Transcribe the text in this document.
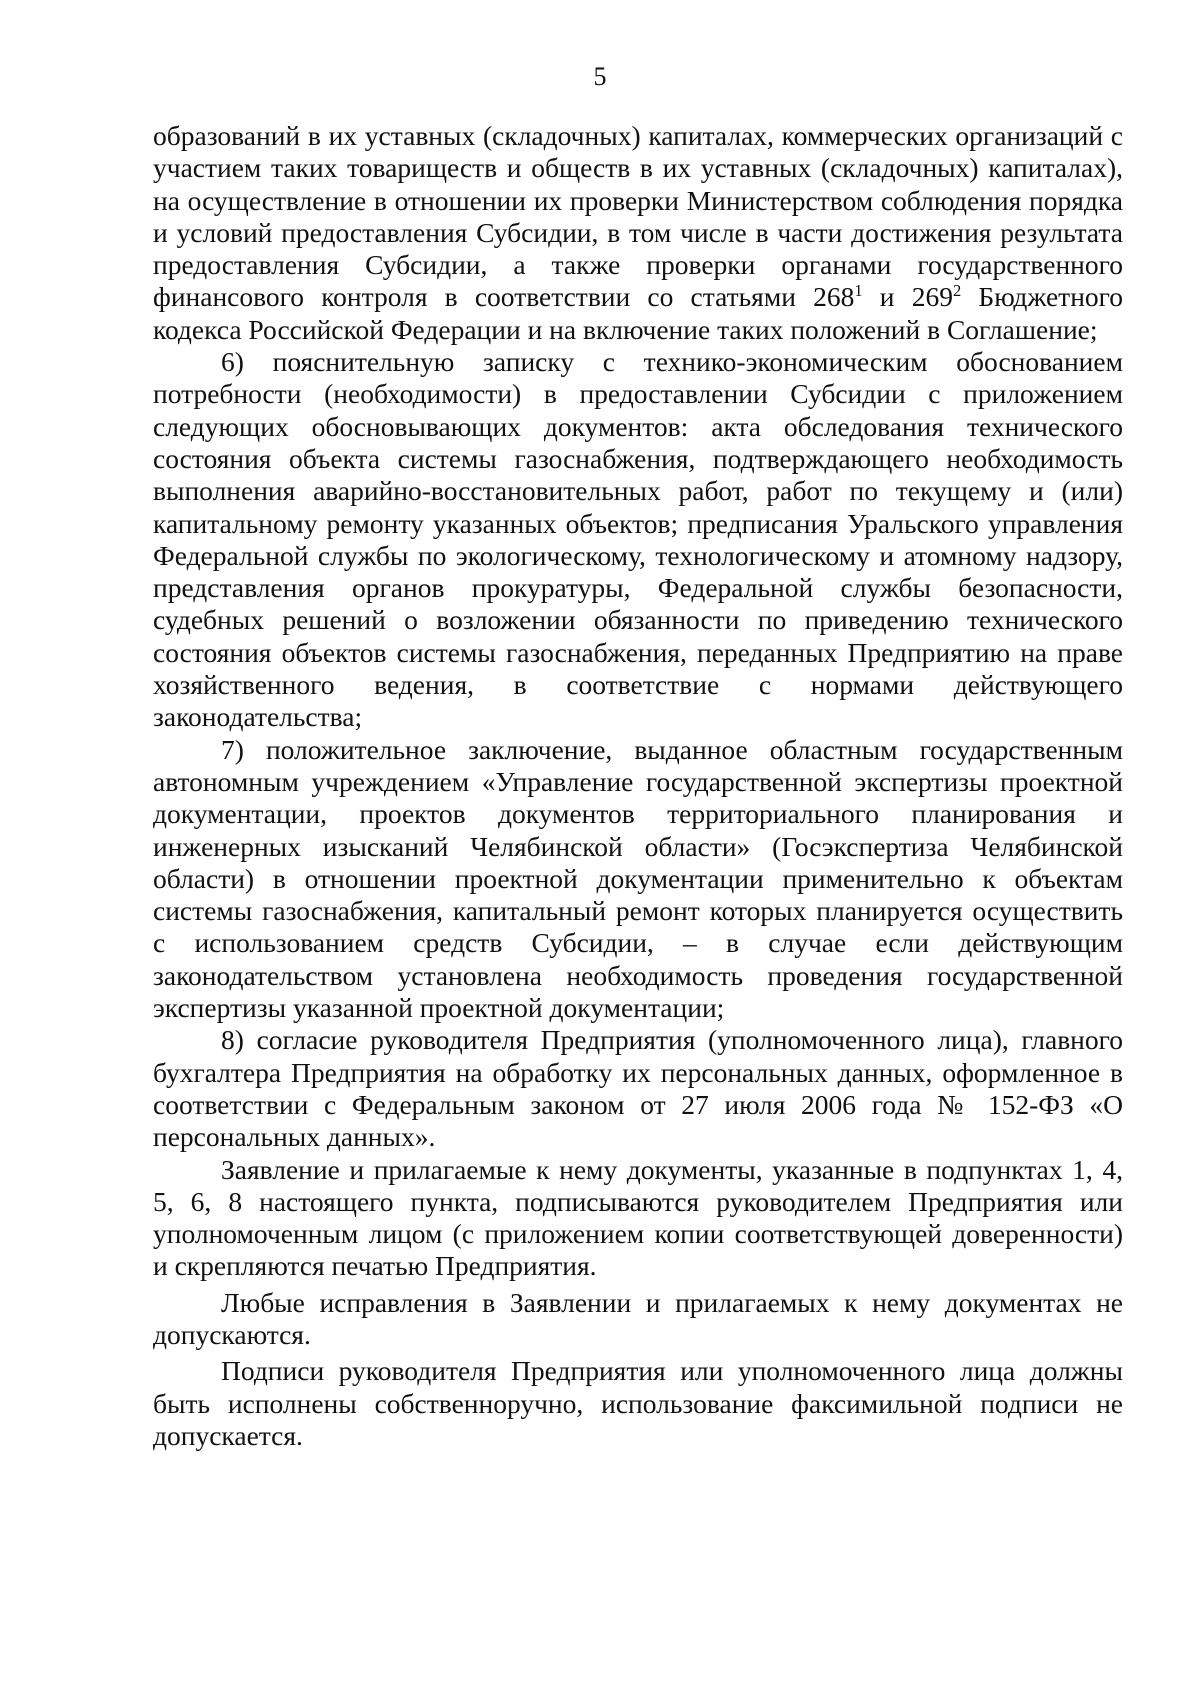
5

образований в их уставных (складочных) капиталах, коммерческих организаций с участием таких товариществ и обществ в их уставных (складочных) капиталах), на осуществление в отношении их проверки Министерством соблюдения порядка и условий предоставления Субсидии, в том числе в части достижения результата предоставления Субсидии, а также проверки органами государственного финансового контроля в соответствии со статьями $268^1$ и $269^2$ Бюджетного кодекса Российской Федерации и на включение таких положений в Соглашение;

6) пояснительную записку с технико-экономическим обоснованием потребности (необходимости) в предоставлении Субсидии с приложением следующих обосновывающих документов: акта обследования технического состояния объекта системы газоснабжения, подтверждающего необходимость выполнения аварийно-восстановительных работ, работ по текущему и (или) капитальному ремонту указанных объектов; предписания Уральского управления Федеральной службы по экологическому, технологическому и атомному надзору, представления органов прокуратуры, Федеральной службы безопасности, судебных решений о возложении обязанности по приведению технического состояния объектов системы газоснабжения, переданных Предприятию на праве хозяйственного ведения, в соответствие с нормами действующего законодательства;

7) положительное заключение, выданное областным государственным автономным учреждением «Управление государственной экспертизы проектной документации, проектов документов территориального планирования и инженерных изысканий Челябинской области» (Госэкспертиза Челябинской области) в отношении проектной документации применительно к объектам системы газоснабжения, капитальный ремонт которых планируется осуществить с использованием средств Субсидии, – в случае если действующим законодательством установлена необходимость проведения государственной экспертизы указанной проектной документации;

8) согласие руководителя Предприятия (уполномоченного лица), главного бухгалтера Предприятия на обработку их персональных данных, оформленное в соответствии с Федеральным законом от 27 июля 2006 года № 152-ФЗ «О персональных данных».

Заявление и прилагаемые к нему документы, указанные в подпунктах 1, 4, 5, 6, 8 настоящего пункта, подписываются руководителем Предприятия или уполномоченным лицом (с приложением копии соответствующей доверенности) и скрепляются печатью Предприятия.

Любые исправления в Заявлении и прилагаемых к нему документах не допускаются.

Подписи руководителя Предприятия или уполномоченного лица должны быть исполнены собственноручно, использование факсимильной подписи не допускается.
